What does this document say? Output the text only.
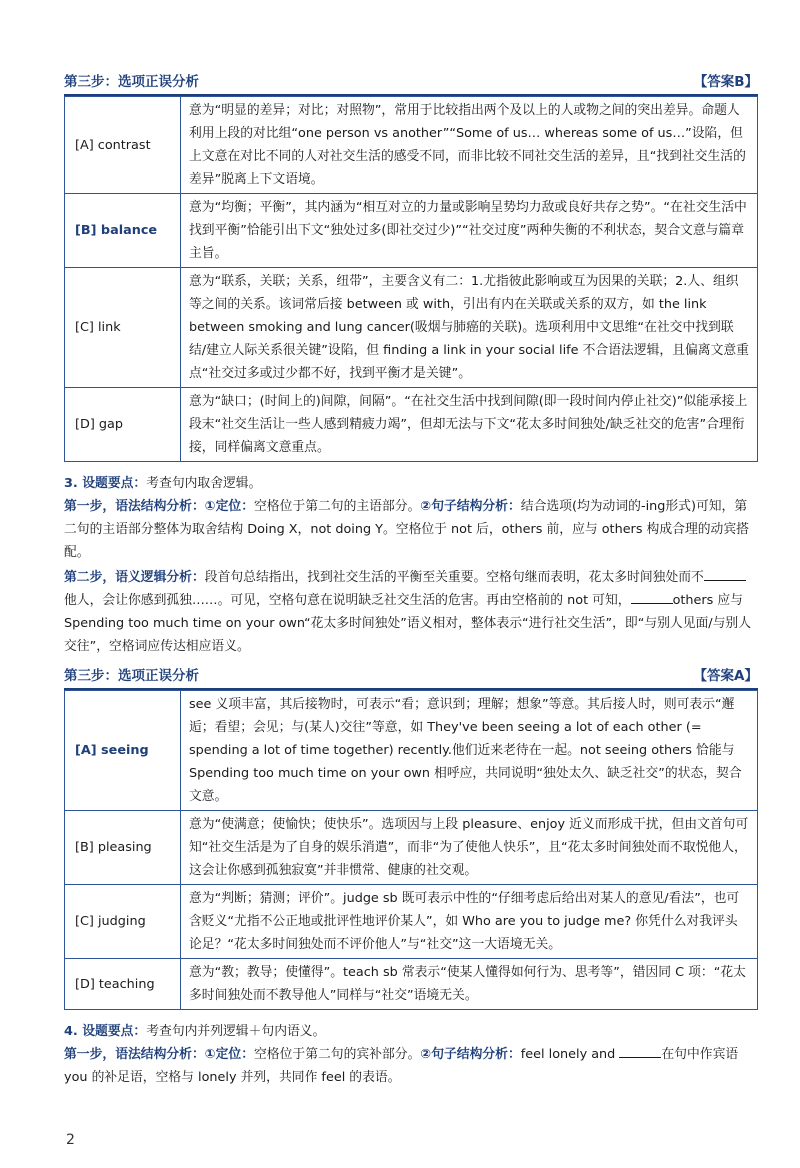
第三步：选项正误分析	【答案B】
[A] contrast	意为“明显的差异；对比；对照物”，常用于比较指出两个及以上的人或物之间的突出差异。命题人利用上段的对比组“one person vs another”“Some of us… whereas some of us…”设陷，但上文意在对比不同的人对社交生活的感受不同，而非比较不同社交生活的差异，且“找到社交生活的差异”脱离上下文语境。
[B] balance	意为“均衡；平衡”，其内涵为“相互对立的力量或影响呈势均力敌或良好共存之势”。“在社交生活中找到平衡”恰能引出下文“独处过多(即社交过少)”“社交过度”两种失衡的不利状态，契合文意与篇章主旨。
[C] link	意为“联系，关联；关系，纽带”，主要含义有二：1.尤指彼此影响或互为因果的关联；2.人、组织等之间的关系。该词常后接 between 或 with，引出有内在关联或关系的双方，如 the link between smoking and lung cancer(吸烟与肺癌的关联)。选项利用中文思维“在社交中找到联结/建立人际关系很关键”设陷，但 finding a link in your social life 不合语法逻辑，且偏离文意重点“社交过多或过少都不好，找到平衡才是关键”。
[D] gap	意为“缺口；(时间上的)间隙，间隔”。“在社交生活中找到间隙(即一段时间内停止社交)”似能承接上段末“社交生活让一些人感到精疲力竭”，但却无法与下文“花太多时间独处/缺乏社交的危害”合理衔接，同样偏离文意重点。

3. 设题要点：考查句内取舍逻辑。

第一步，语法结构分析：①定位：空格位于第二句的主语部分。②句子结构分析：结合选项(均为动词的-ing形式)可知，第二句的主语部分整体为取舍结构 Doing X，not doing Y。空格位于 not 后，others 前，应与 others 构成合理的动宾搭配。

第二步，语义逻辑分析：段首句总结指出，找到社交生活的平衡至关重要。空格句继而表明，花太多时间独处而不他人，会让你感到孤独……。可见，空格句意在说明缺乏社交生活的危害。再由空格前的 not 可知，	others 应与 Spending too much time on your own“花太多时间独处”语义相对，整体表示“进行社交生活”，即“与别人见面/与别人交往”，空格词应传达相应语义。

第三步：选项正误分析	【答案A】
[A] seeing	see 义项丰富，其后接物时，可表示“看；意识到；理解；想象”等意。其后接人时，则可表示“邂逅；看望；会见；与(某人)交往”等意，如 They've been seeing a lot of each other (= spending a lot of time together) recently.他们近来老待在一起。not seeing others 恰能与 Spending too much time on your own 相呼应，共同说明“独处太久、缺乏社交”的状态，契合文意。
[B] pleasing	意为“使满意；使愉快；使快乐”。选项因与上段 pleasure、enjoy 近义而形成干扰，但由文首句可知“社交生活是为了自身的娱乐消遣”，而非“为了使他人快乐”，且“花太多时间独处而不取悦他人，这会让你感到孤独寂寞”并非惯常、健康的社交观。
[C] judging	意为“判断；猜测；评价”。judge sb 既可表示中性的“仔细考虑后给出对某人的意见/看法”，也可含贬义“尤指不公正地或批评性地评价某人”，如 Who are you to judge me? 你凭什么对我评头论足？“花太多时间独处而不评价他人”与“社交”这一大语境无关。
[D] teaching	意为“教；教导；使懂得”。teach sb 常表示“使某人懂得如何行为、思考等”，错因同 C 项：“花太多时间独处而不教导他人”同样与“社交”语境无关。

4. 设题要点：考查句内并列逻辑＋句内语义。

第一步，语法结构分析：①定位：空格位于第二句的宾补部分。②句子结构分析：feel lonely and	在句中作宾语 you 的补足语，空格与 lonely 并列，共同作 feel 的表语。

2
